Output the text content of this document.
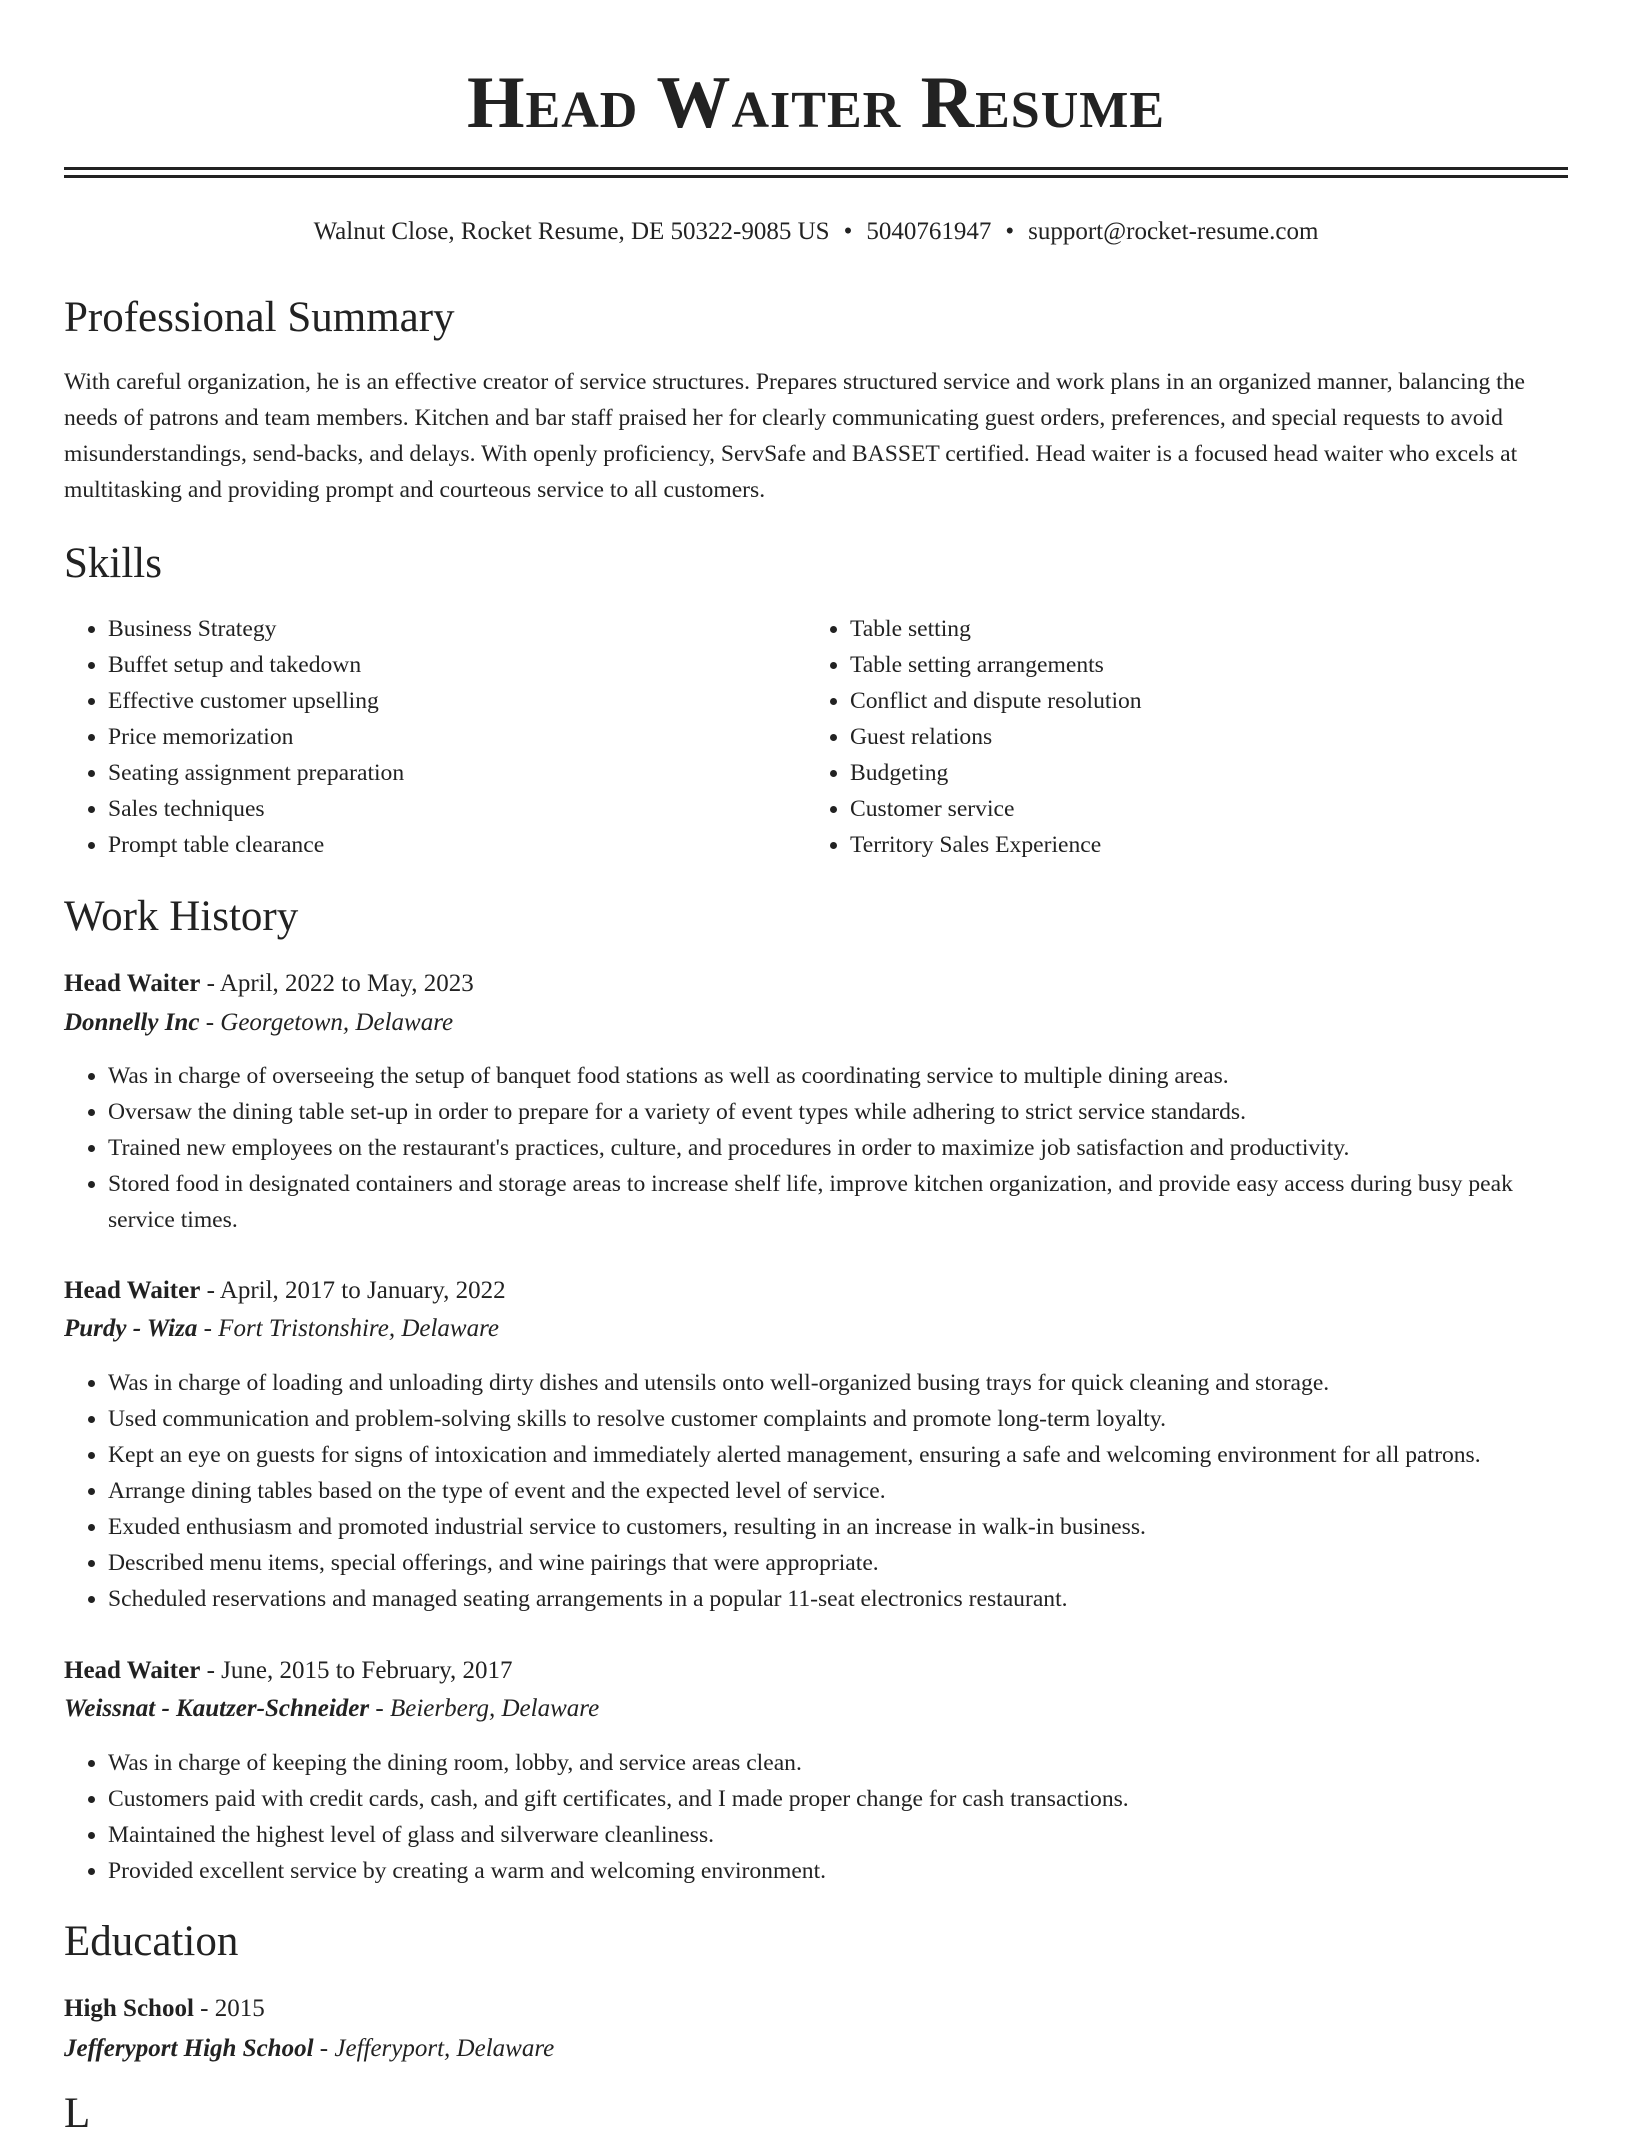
Head Waiter Resume
Walnut Close, Rocket Resume, DE 50322-9085 US • 5040761947 • support@rocket-resume.com
Professional Summary

With careful organization, he is an effective creator of service structures. Prepares structured service and work plans in an organized manner, balancing the needs of patrons and team members. Kitchen and bar staff praised her for clearly communicating guest orders, preferences, and special requests to avoid misunderstandings, send-backs, and delays. With openly proficiency, ServSafe and BASSET certified. Head waiter is a focused head waiter who excels at multitasking and providing prompt and courteous service to all customers.

Skills
• Business Strategy
• Buffet setup and takedown
• Effective customer upselling
• Price memorization
• Seating assignment preparation
• Sales techniques
• Prompt table clearance
• Table setting
• Table setting arrangements
• Conflict and dispute resolution
• Guest relations
• Budgeting
• Customer service
• Territory Sales Experience
Work History
Head Waiter - April, 2022 to May, 2023
Donnelly Inc - Georgetown, Delaware
• Was in charge of overseeing the setup of banquet food stations as well as coordinating service to multiple dining areas.
• Oversaw the dining table set-up in order to prepare for a variety of event types while adhering to strict service standards.
• Trained new employees on the restaurant's practices, culture, and procedures in order to maximize job satisfaction and productivity.
• Stored food in designated containers and storage areas to increase shelf life, improve kitchen organization, and provide easy access during busy peak service times.
Head Waiter - April, 2017 to January, 2022
Purdy - Wiza - Fort Tristonshire, Delaware
• Was in charge of loading and unloading dirty dishes and utensils onto well-organized busing trays for quick cleaning and storage.
• Used communication and problem-solving skills to resolve customer complaints and promote long-term loyalty.
• Kept an eye on guests for signs of intoxication and immediately alerted management, ensuring a safe and welcoming environment for all patrons.
• Arrange dining tables based on the type of event and the expected level of service.
• Exuded enthusiasm and promoted industrial service to customers, resulting in an increase in walk-in business.
• Described menu items, special offerings, and wine pairings that were appropriate.
• Scheduled reservations and managed seating arrangements in a popular 11-seat electronics restaurant.
Head Waiter - June, 2015 to February, 2017
Weissnat - Kautzer-Schneider - Beierberg, Delaware
• Was in charge of keeping the dining room, lobby, and service areas clean.
• Customers paid with credit cards, cash, and gift certificates, and I made proper change for cash transactions.
• Maintained the highest level of glass and silverware cleanliness.
• Provided excellent service by creating a warm and welcoming environment.
Education
High School - 2015
Jefferyport High School - Jefferyport, Delaware
L
